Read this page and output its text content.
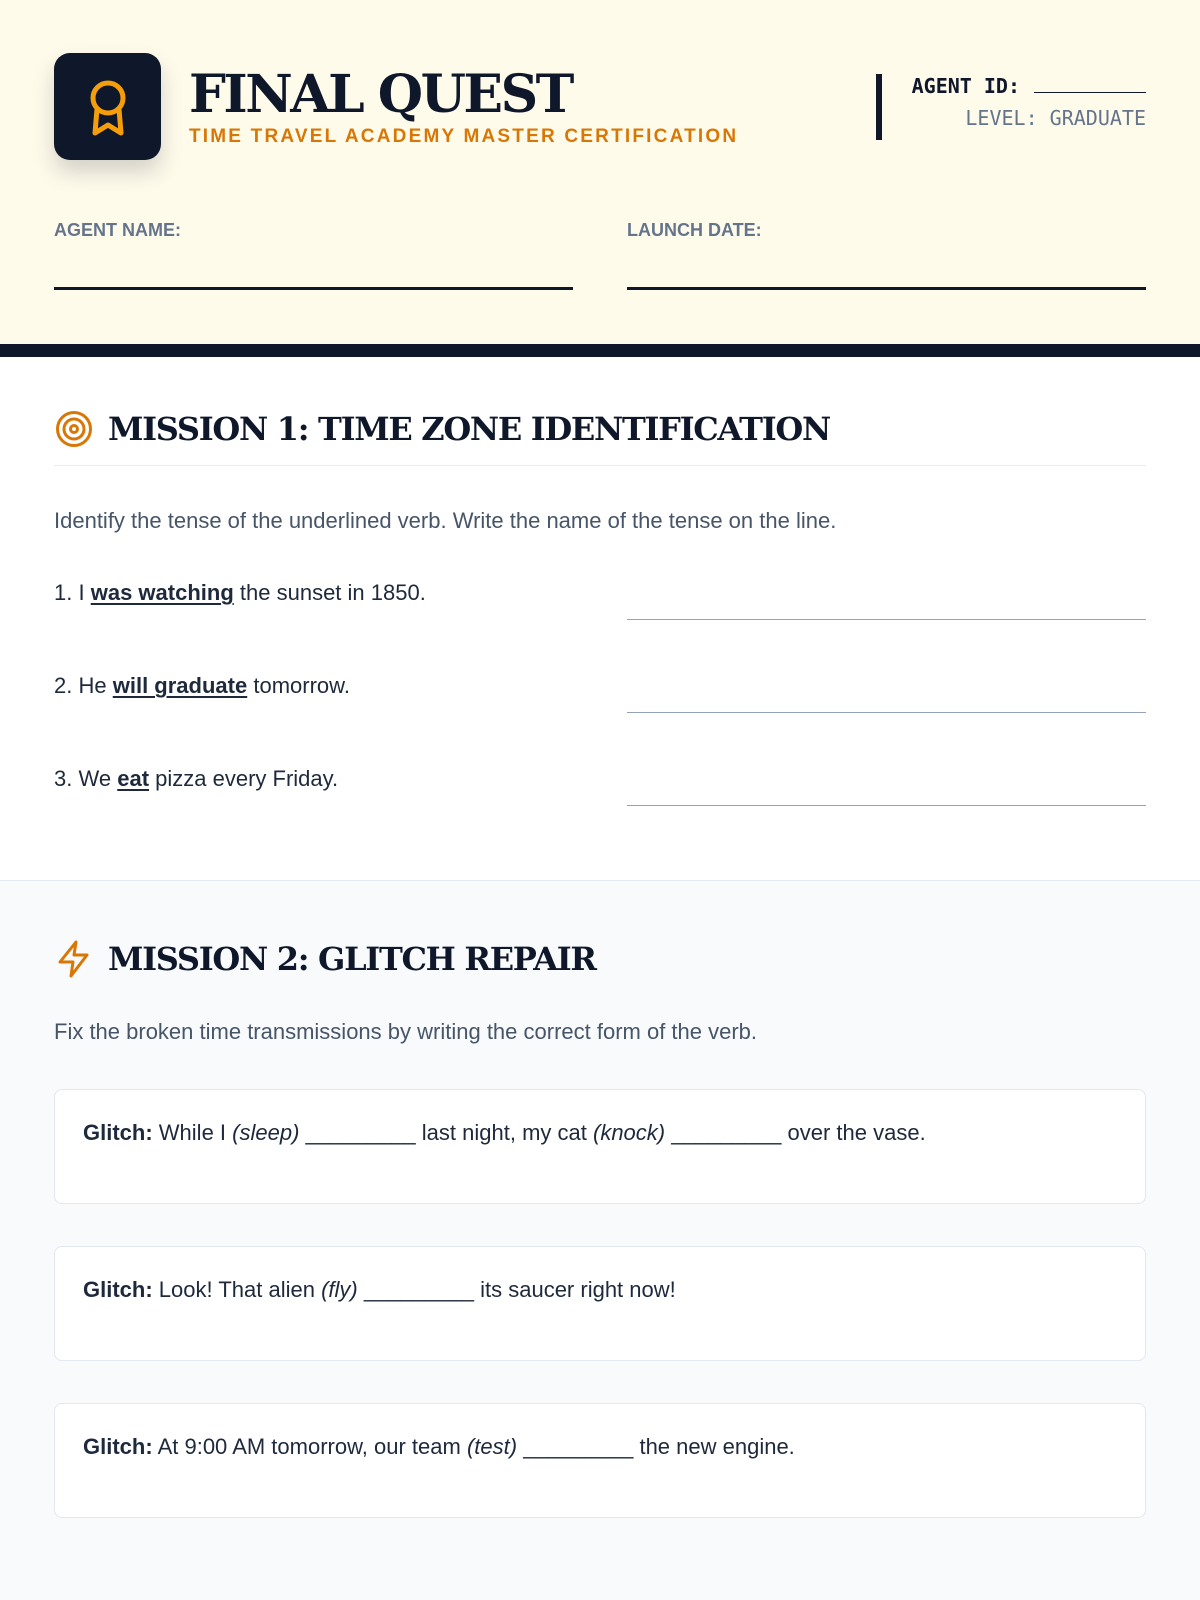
FINAL QUEST
TIME TRAVEL ACADEMY MASTER CERTIFICATION
AGENT ID:
LEVEL: GRADUATE
AGENT NAME:	LAUNCH DATE:
MISSION 1: TIME ZONE IDENTIFICATION

Identify the tense of the underlined verb. Write the name of the tense on the line.

1. I was watching the sunset in 1850.
2. He will graduate tomorrow.
3. We eat pizza every Friday.
MISSION 2: GLITCH REPAIR

Fix the broken time transmissions by writing the correct form of the verb.

Glitch: While I (sleep) _________ last night, my cat (knock) _________ over the vase.
Glitch: Look! That alien (fly) _________ its saucer right now!
Glitch: At 9:00 AM tomorrow, our team (test) _________ the new engine.
